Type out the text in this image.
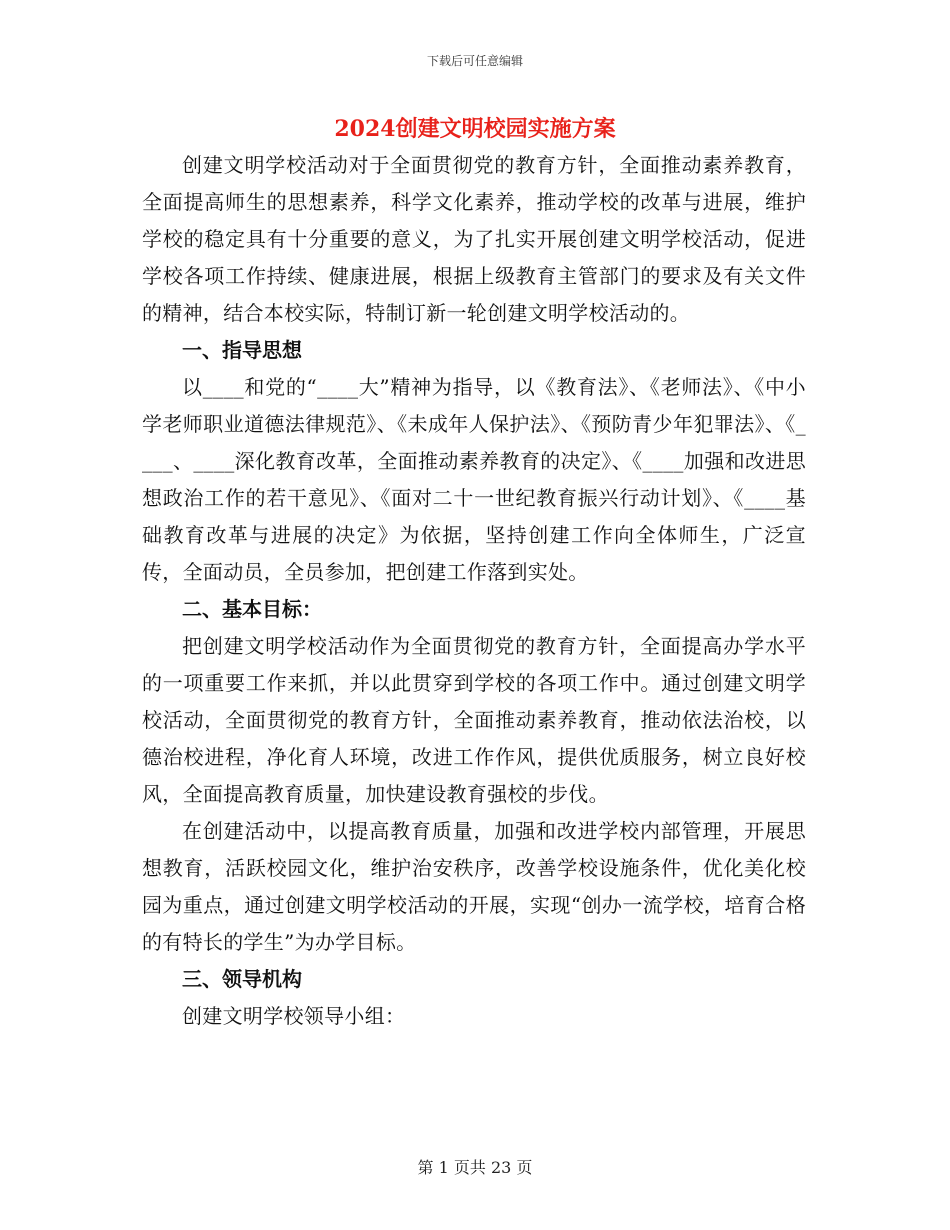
下载后可任意编辑
2024创建文明校园实施方案

创建文明学校活动对于全面贯彻党的教育方针，全面推动素养教育，全面提高师生的思想素养，科学文化素养，推动学校的改革与进展，维护学校的稳定具有十分重要的意义，为了扎实开展创建文明学校活动，促进学校各项工作持续、健康进展，根据上级教育主管部门的要求及有关文件的精神，结合本校实际，特制订新一轮创建文明学校活动的。

一、指导思想

以____和党的“____大”精神为指导，以《教育法》、《老师法》、《中小学老师职业道德法律规范》、《未成年人保护法》、《预防青少年犯罪法》、《____、____深化教育改革，全面推动素养教育的决定》、《____加强和改进思想政治工作的若干意见》、《面对二十一世纪教育振兴行动计划》、《____基础教育改革与进展的决定》为依据，坚持创建工作向全体师生，广泛宣传，全面动员，全员参加，把创建工作落到实处。

二、基本目标：

把创建文明学校活动作为全面贯彻党的教育方针，全面提高办学水平的一项重要工作来抓，并以此贯穿到学校的各项工作中。通过创建文明学校活动，全面贯彻党的教育方针，全面推动素养教育，推动依法治校，以德治校进程，净化育人环境，改进工作作风，提供优质服务，树立良好校风，全面提高教育质量，加快建设教育强校的步伐。

在创建活动中，以提高教育质量，加强和改进学校内部管理，开展思想教育，活跃校园文化，维护治安秩序，改善学校设施条件，优化美化校园为重点，通过创建文明学校活动的开展，实现“创办一流学校，培育合格的有特长的学生”为办学目标。

三、领导机构

创建文明学校领导小组：

第 1 页共 23 页
